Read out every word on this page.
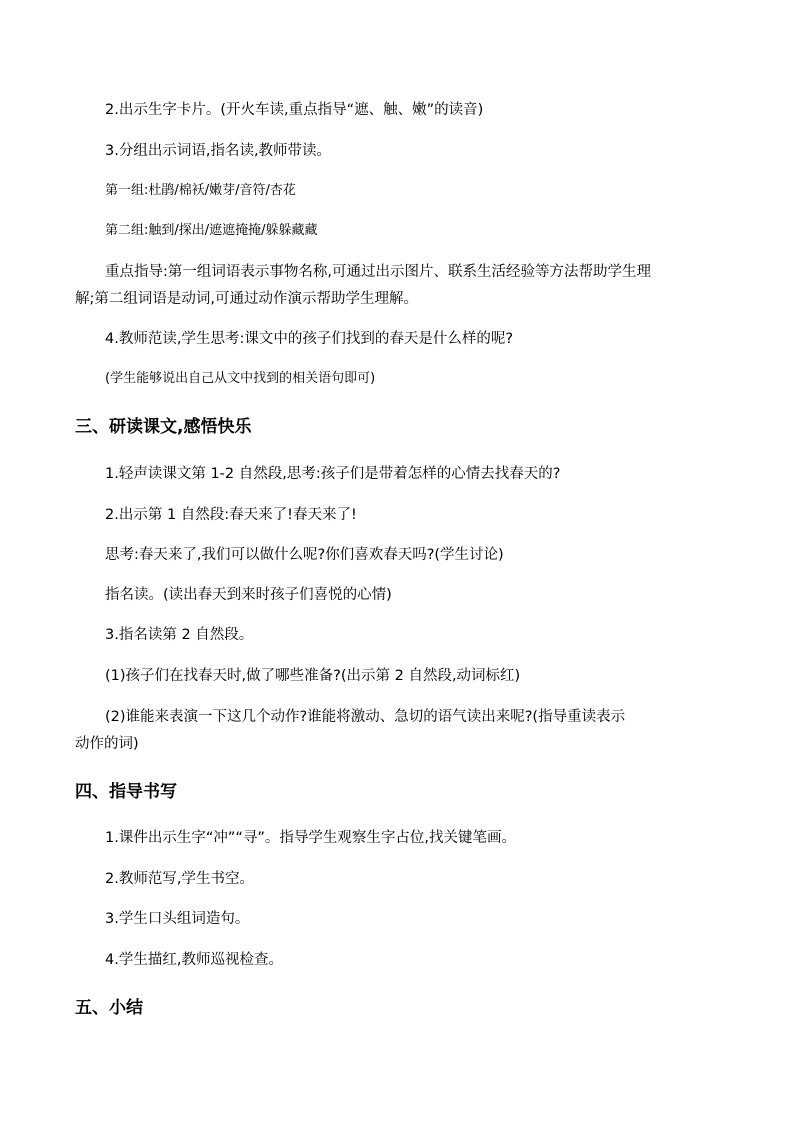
2.出示生字卡片。(开火车读,重点指导“遮、触、嫩”的读音)
3.分组出示词语,指名读,教师带读。
第一组:杜鹃/棉袄/嫩芽/音符/杏花
第二组:触到/探出/遮遮掩掩/躲躲藏藏
重点指导:第一组词语表示事物名称,可通过出示图片、联系生活经验等方法帮助学生理
解;第二组词语是动词,可通过动作演示帮助学生理解。
4.教师范读,学生思考:课文中的孩子们找到的春天是什么样的呢?
(学生能够说出自己从文中找到的相关语句即可)
三、研读课文,感悟快乐
1.轻声读课文第 1-2 自然段,思考:孩子们是带着怎样的心情去找春天的?
2.出示第 1 自然段:春天来了!春天来了!
思考:春天来了,我们可以做什么呢?你们喜欢春天吗?(学生讨论)
指名读。(读出春天到来时孩子们喜悦的心情)
3.指名读第 2 自然段。
(1)孩子们在找春天时,做了哪些准备?(出示第 2 自然段,动词标红)
(2)谁能来表演一下这几个动作?谁能将激动、急切的语气读出来呢?(指导重读表示
动作的词)
四、指导书写
1.课件出示生字“冲”“寻”。指导学生观察生字占位,找关键笔画。
2.教师范写,学生书空。
3.学生口头组词造句。
4.学生描红,教师巡视检查。
五、小结
